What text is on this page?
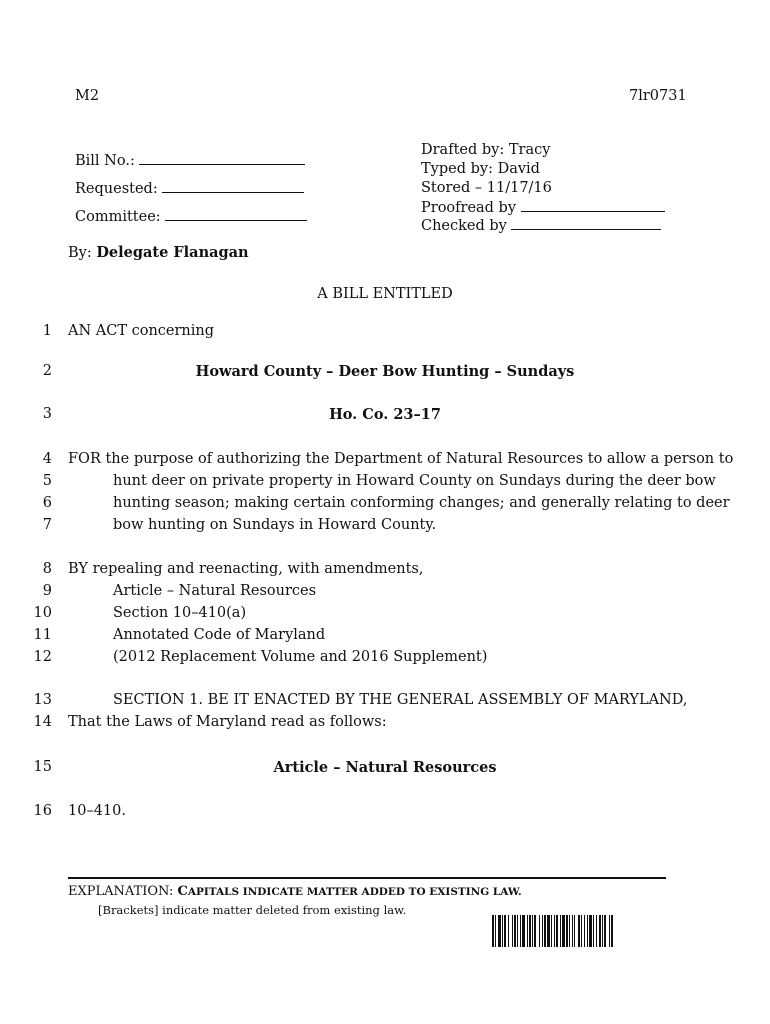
M2	7lr0731
Bill No.:
Requested:
Committee:
Drafted by: Tracy
Typed by: David
Stored – 11/17/16
Proofread by
Checked by
By: Delegate Flanagan
A BILL ENTITLED
1 AN ACT concerning
2	Howard County – Deer Bow Hunting – Sundays
3	Ho. Co. 23–17
4 FOR the purpose of authorizing the Department of Natural Resources to allow a person to
5	hunt deer on private property in Howard County on Sundays during the deer bow
6	hunting season; making certain conforming changes; and generally relating to deer
7	bow hunting on Sundays in Howard County.
8 BY repealing and reenacting, with amendments,
9	Article – Natural Resources
10	Section 10–410(a)
11	Annotated Code of Maryland
12	(2012 Replacement Volume and 2016 Supplement)
13	SECTION 1. BE IT ENACTED BY THE GENERAL ASSEMBLY OF MARYLAND,
14 That the Laws of Maryland read as follows:
15	Article – Natural Resources
16 10–410.
EXPLANATION: CAPITALS INDICATE MATTER ADDED TO EXISTING LAW.
[Brackets] indicate matter deleted from existing law.
